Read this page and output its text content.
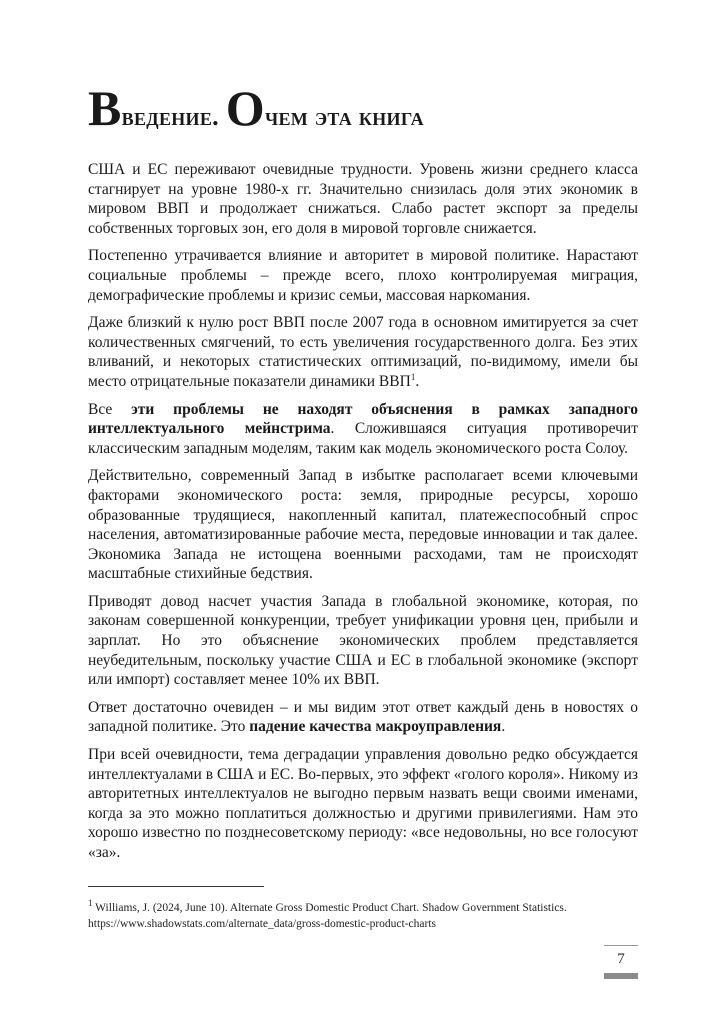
Введение. Очем эта книга

США и ЕС переживают очевидные трудности. Уровень жизни среднего класса стагнирует на уровне 1980-х гг. Значительно снизилась доля этих экономик в мировом ВВП и продолжает снижаться. Слабо растет экспорт за пределы собственных торговых зон, его доля в мировой торговле снижается.

Постепенно утрачивается влияние и авторитет в мировой политике. Нарастают социальные проблемы – прежде всего, плохо контролируемая миграция, демографические проблемы и кризис семьи, массовая наркомания.

Даже близкий к нулю рост ВВП после 2007 года в основном имитируется за счет количественных смягчений, то есть увеличения государственного долга. Без этих вливаний, и некоторых статистических оптимизаций, по-видимому, имели бы место отрицательные показатели динамики ВВП$^1$.

Все эти проблемы не находят объяснения в рамках западного интеллектуального мейнстрима. Сложившаяся ситуация противоречит классическим западным моделям, таким как модель экономического роста Солоу.

Действительно, современный Запад в избытке располагает всеми ключевыми факторами экономического роста: земля, природные ресурсы, хорошо образованные трудящиеся, накопленный капитал, платежеспособный спрос населения, автоматизированные рабочие места, передовые инновации и так далее. Экономика Запада не истощена военными расходами, там не происходят масштабные стихийные бедствия.

Приводят довод насчет участия Запада в глобальной экономике, которая, по законам совершенной конкуренции, требует унификации уровня цен, прибыли и зарплат. Но это объяснение экономических проблем представляется неубедительным, поскольку участие США и ЕС в глобальной экономике (экспорт или импорт) составляет менее 10% их ВВП.

Ответ достаточно очевиден – и мы видим этот ответ каждый день в новостях о западной политике. Это падение качества макроуправления.

При всей очевидности, тема деградации управления довольно редко обсуждается интеллектуалами в США и ЕС. Во-первых, это эффект «голого короля». Никому из авторитетных интеллектуалов не выгодно первым назвать вещи своими именами, когда за это можно поплатиться должностью и другими привилегиями. Нам это хорошо известно по позднесоветскому периоду: «все недовольны, но все голосуют «за».

$^1$ Williams, J. (2024, June 10). Alternate Gross Domestic Product Chart. Shadow Government Statistics. https://www.shadowstats.com/alternate_data/gross-domestic-product-charts

7
